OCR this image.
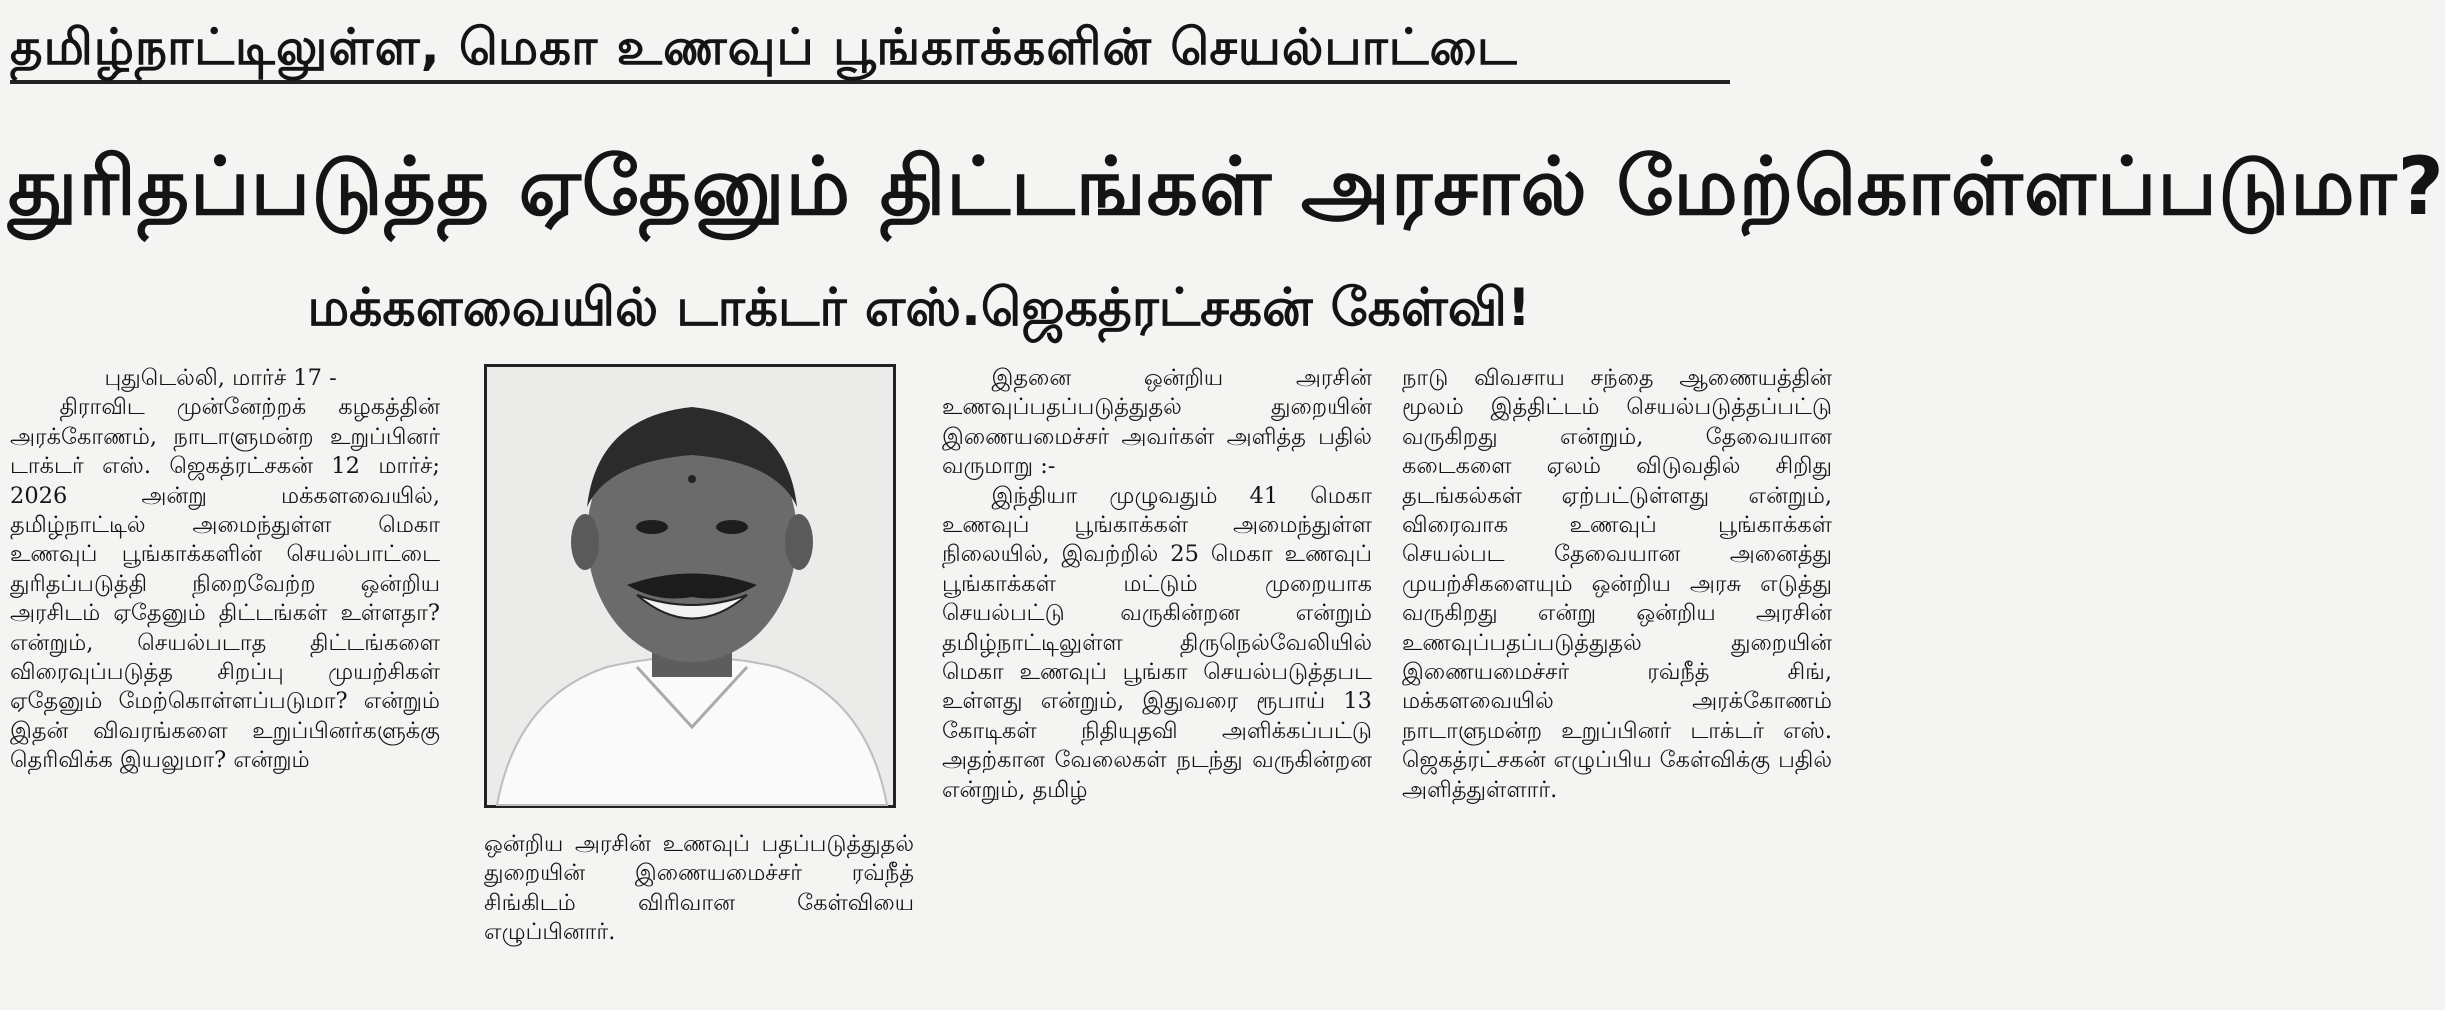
தமிழ்நாட்டிலுள்ள, மெகா உணவுப் பூங்காக்களின் செயல்பாட்டை
துரிதப்படுத்த ஏதேனும் திட்டங்கள் அரசால் மேற்கொள்ளப்படுமா?
மக்களவையில் டாக்டர் எஸ்.ஜெகத்ரட்சகன் கேள்வி!

புதுடெல்லி, மார்ச் 17 -

திராவிட முன்னேற்றக் கழகத்தின் அரக்கோணம், நாடாளுமன்ற உறுப்பினர் டாக்டர் எஸ். ஜெகத்ரட்சகன் 12 மார்ச்; 2026 அன்று மக்களவையில், தமிழ்நாட்டில் அமைந்துள்ள மெகா உணவுப் பூங்காக்களின் செயல்பாட்டை துரிதப்படுத்தி நிறைவேற்ற ஒன்றிய அரசிடம் ஏதேனும் திட்டங்கள் உள்ளதா? என்றும், செயல்படாத திட்டங்களை விரைவுப்படுத்த சிறப்பு முயற்சிகள் ஏதேனும் மேற்கொள்ளப்படுமா? என்றும் இதன் விவரங்களை உறுப்பினர்களுக்கு தெரிவிக்க இயலுமா? என்றும்

ஒன்றிய அரசின் உணவுப் பதப்படுத்துதல் துறையின் இணையமைச்சர் ரவ்நீத் சிங்கிடம் விரிவான கேள்வியை எழுப்பினார்.

இதனை ஒன்றிய அரசின் உணவுப்பதப்படுத்துதல் துறையின் இணையமைச்சர் அவர்கள் அளித்த பதில் வருமாறு :-

இந்தியா முழுவதும் 41 மெகா உணவுப் பூங்காக்கள் அமைந்துள்ள நிலையில், இவற்றில் 25 மெகா உணவுப் பூங்காக்கள் மட்டும் முறையாக செயல்பட்டு வருகின்றன என்றும் தமிழ்நாட்டிலுள்ள திருநெல்வேலியில் மெகா உணவுப் பூங்கா செயல்படுத்தபட உள்ளது என்றும், இதுவரை ரூபாய் 13 கோடிகள் நிதியுதவி அளிக்கப்பட்டு அதற்கான வேலைகள் நடந்து வருகின்றன என்றும், தமிழ்

நாடு விவசாய சந்தை ஆணையத்தின் மூலம் இத்திட்டம் செயல்படுத்தப்பட்டு வருகிறது என்றும், தேவையான கடைகளை ஏலம் விடுவதில் சிறிது தடங்கல்கள் ஏற்பட்டுள்ளது என்றும், விரைவாக உணவுப் பூங்காக்கள் செயல்பட தேவையான அனைத்து முயற்சிகளையும் ஒன்றிய அரசு எடுத்து வருகிறது என்று ஒன்றிய அரசின் உணவுப்பதப்படுத்துதல் துறையின் இணையமைச்சர் ரவ்நீத் சிங், மக்களவையில் அரக்கோணம் நாடாளுமன்ற உறுப்பினர் டாக்டர் எஸ். ஜெகத்ரட்சகன் எழுப்பிய கேள்விக்கு பதில் அளித்துள்ளார்.
